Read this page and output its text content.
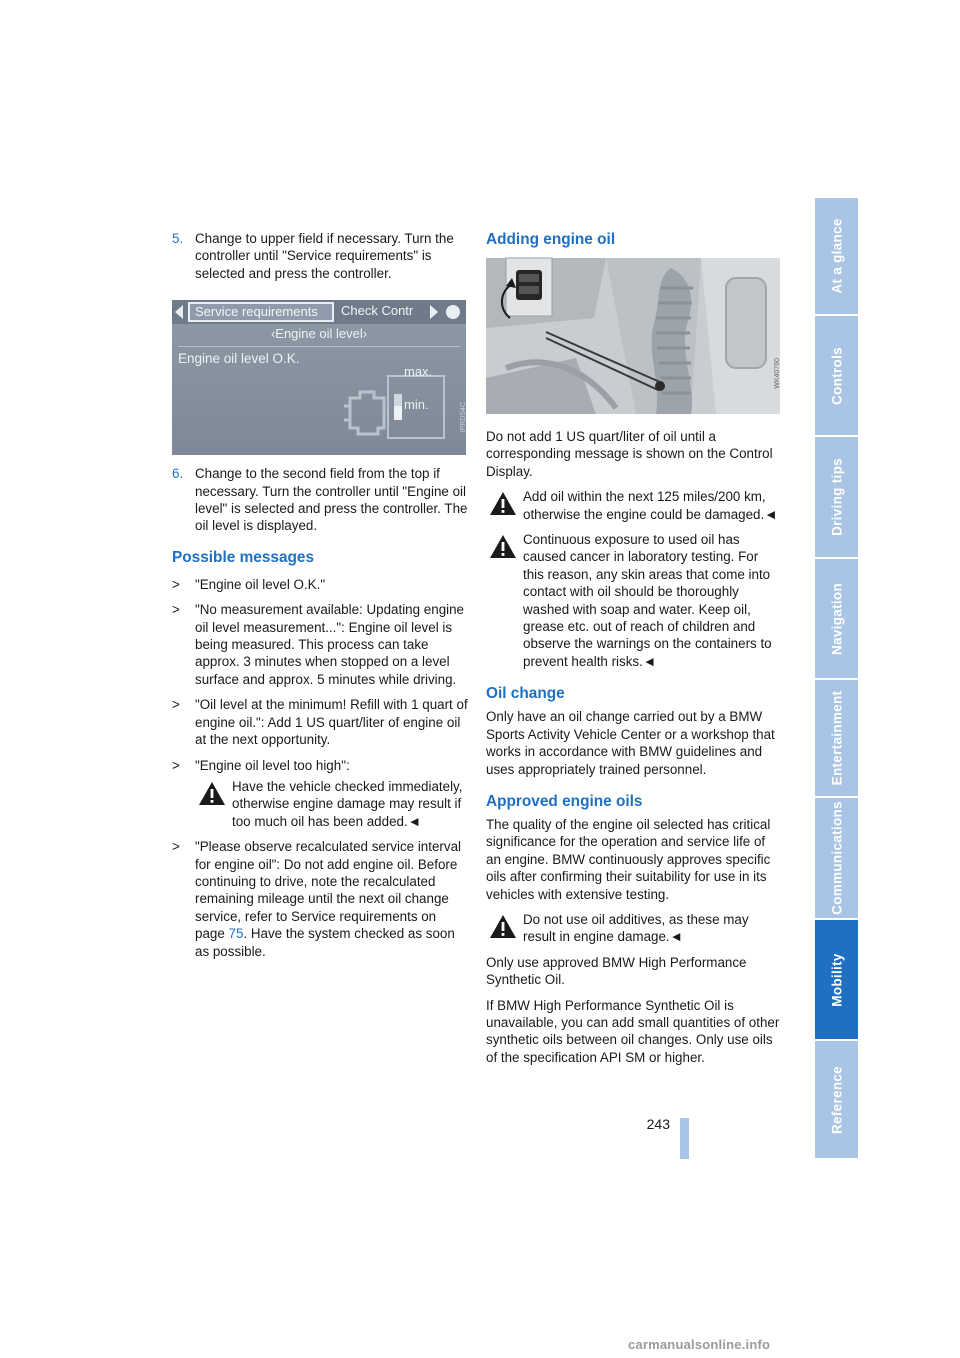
At a glance
Controls
Driving tips
Navigation
Entertainment
Communications
Mobility
Reference
5. Change to upper field if necessary. Turn the controller until "Service requirements" is selected and press the controller.
Service requirements	Check Contr
‹Engine oil level›
Engine oil level O.K.
max.
min.	IPRDS4C
6. Change to the second field from the top if necessary. Turn the controller until "Engine oil level" is selected and press the controller. The oil level is displayed.
Possible messages
> "Engine oil level O.K."
> "No measurement available: Updating engine oil level measurement...": Engine oil level is being measured. This process can take approx. 3 minutes when stopped on a level surface and approx. 5 minutes while driving.
> "Oil level at the minimum! Refill with 1 quart of engine oil.": Add 1 US quart/liter of engine oil at the next opportunity.
> "Engine oil level too high":
Have the vehicle checked immediately, otherwise engine damage may result if too much oil has been added.◄
> "Please observe recalculated service interval for engine oil": Do not add engine oil. Before continuing to drive, note the recalculated remaining mileage until the next oil change service, refer to Service requirements on page 75. Have the system checked as soon as possible.
Adding engine oil
WK40760

Do not add 1 US quart/liter of oil until a corresponding message is shown on the Control Display.

Add oil within the next 125 miles/200 km, otherwise the engine could be damaged.◄
Continuous exposure to used oil has caused cancer in laboratory testing. For this reason, any skin areas that come into contact with oil should be thoroughly washed with soap and water. Keep oil, grease etc. out of reach of children and observe the warnings on the containers to prevent health risks.◄
Oil change

Only have an oil change carried out by a BMW Sports Activity Vehicle Center or a workshop that works in accordance with BMW guidelines and uses appropriately trained personnel.

Approved engine oils

The quality of the engine oil selected has critical significance for the operation and service life of an engine. BMW continuously approves specific oils after confirming their suitability for use in its vehicles with extensive testing.

Do not use oil additives, as these may result in engine damage.◄

Only use approved BMW High Performance Synthetic Oil.

If BMW High Performance Synthetic Oil is unavailable, you can add small quantities of other synthetic oils between oil changes. Only use oils of the specification API SM or higher.

243
carmanualsonline.info
